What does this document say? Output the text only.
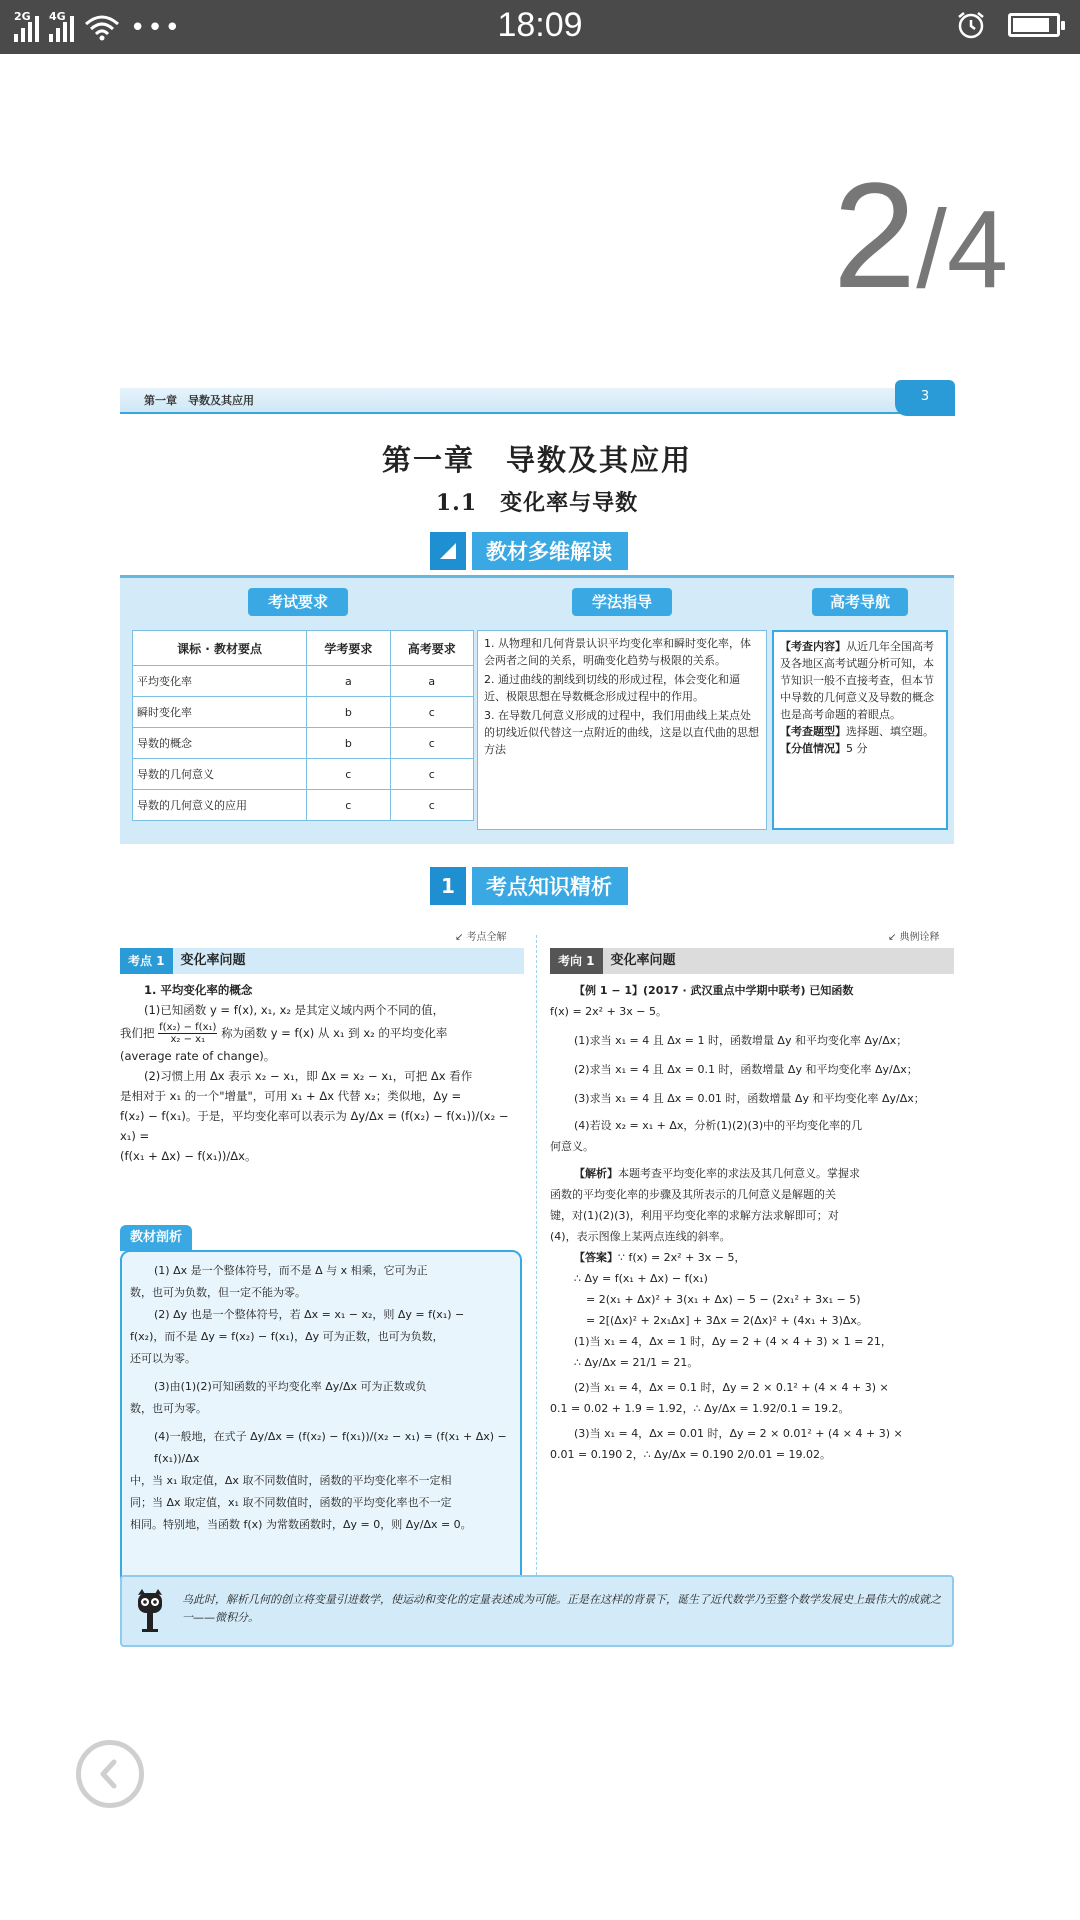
2G 4G •••	18:09
2/4
第一章　导数及其应用	3
第一章　导数及其应用
1.1　变化率与导数
教材多维解读
考试要求	学法指导	高考导航
课标 · 教材要点	学考要求	高考要求
平均变化率	a	a
瞬时变化率	b	c
导数的概念	b	c
导数的几何意义	c	c
导数的几何意义的应用	c	c

1. 从物理和几何背景认识平均变化率和瞬时变化率，体会两者之间的关系，明确变化趋势与极限的关系。

2. 通过曲线的割线到切线的形成过程，体会变化和逼近、极限思想在导数概念形成过程中的作用。

3. 在导数几何意义形成的过程中，我们用曲线上某点处的切线近似代替这一点附近的曲线，这是以直代曲的思想方法

【考查内容】从近几年全国高考及各地区高考试题分析可知，本节知识一般不直接考查，但本节中导数的几何意义及导数的概念也是高考命题的着眼点。
【考查题型】选择题、填空题。
【分值情况】5 分
1	考点知识精析
↙ 考点全解
考点 1	变化率问题
1. 平均变化率的概念
(1)已知函数 y = f(x), x₁, x₂ 是其定义域内两个不同的值，
我们把 $\frac{\text{f(x₂) − f(x₁)}}{\text{x₂ − x₁}}$ 称为函数 y = f(x) 从 x₁ 到 x₂ 的平均变化率
(average rate of change)。
(2)习惯上用 Δx 表示 x₂ − x₁，即 Δx = x₂ − x₁，可把 Δx 看作
是相对于 x₁ 的一个"增量"，可用 x₁ + Δx 代替 x₂；类似地，Δy =
f(x₂) − f(x₁)。于是，平均变化率可以表示为 Δy/Δx = (f(x₂) − f(x₁))/(x₂ − x₁) =
(f(x₁ + Δx) − f(x₁))/Δx。
教材剖析
(1) Δx 是一个整体符号，而不是 Δ 与 x 相乘，它可为正
数，也可为负数，但一定不能为零。
(2) Δy 也是一个整体符号，若 Δx = x₁ − x₂，则 Δy = f(x₁) −
f(x₂)，而不是 Δy = f(x₂) − f(x₁)，Δy 可为正数，也可为负数，
还可以为零。
(3)由(1)(2)可知函数的平均变化率 Δy/Δx 可为正数或负
数，也可为零。
(4)一般地，在式子 Δy/Δx = (f(x₂) − f(x₁))/(x₂ − x₁) = (f(x₁ + Δx) − f(x₁))/Δx
中，当 x₁ 取定值，Δx 取不同数值时，函数的平均变化率不一定相
同；当 Δx 取定值，x₁ 取不同数值时，函数的平均变化率也不一定
相同。特别地，当函数 f(x) 为常数函数时，Δy = 0，则 Δy/Δx = 0。
↙ 典例诠释
考向 1	变化率问题
【例 1 − 1】(2017 · 武汉重点中学期中联考) 已知函数
f(x) = 2x² + 3x − 5。
(1)求当 x₁ = 4 且 Δx = 1 时，函数增量 Δy 和平均变化率 Δy/Δx；
(2)求当 x₁ = 4 且 Δx = 0.1 时，函数增量 Δy 和平均变化率 Δy/Δx；
(3)求当 x₁ = 4 且 Δx = 0.01 时，函数增量 Δy 和平均变化率 Δy/Δx；
(4)若设 x₂ = x₁ + Δx，分析(1)(2)(3)中的平均变化率的几
何意义。
【解析】本题考查平均变化率的求法及其几何意义。掌握求
函数的平均变化率的步骤及其所表示的几何意义是解题的关
键，对(1)(2)(3)，利用平均变化率的求解方法求解即可；对
(4)，表示图像上某两点连线的斜率。
【答案】∵ f(x) = 2x² + 3x − 5，
∴ Δy = f(x₁ + Δx) − f(x₁)
= 2(x₁ + Δx)² + 3(x₁ + Δx) − 5 − (2x₁² + 3x₁ − 5)
= 2[(Δx)² + 2x₁Δx] + 3Δx = 2(Δx)² + (4x₁ + 3)Δx。
(1)当 x₁ = 4，Δx = 1 时，Δy = 2 + (4 × 4 + 3) × 1 = 21，
∴ Δy/Δx = 21/1 = 21。
(2)当 x₁ = 4，Δx = 0.1 时，Δy = 2 × 0.1² + (4 × 4 + 3) ×
0.1 = 0.02 + 1.9 = 1.92，∴ Δy/Δx = 1.92/0.1 = 19.2。
(3)当 x₁ = 4，Δx = 0.01 时，Δy = 2 × 0.01² + (4 × 4 + 3) ×
0.01 = 0.190 2，∴ Δy/Δx = 0.190 2/0.01 = 19.02。
乌此时，解析几何的创立将变量引进数学，使运动和变化的定量表述成为可能。正是在这样的背景下，诞生了近代数学乃至整个数学发展史上最伟大的成就之一——微积分。
